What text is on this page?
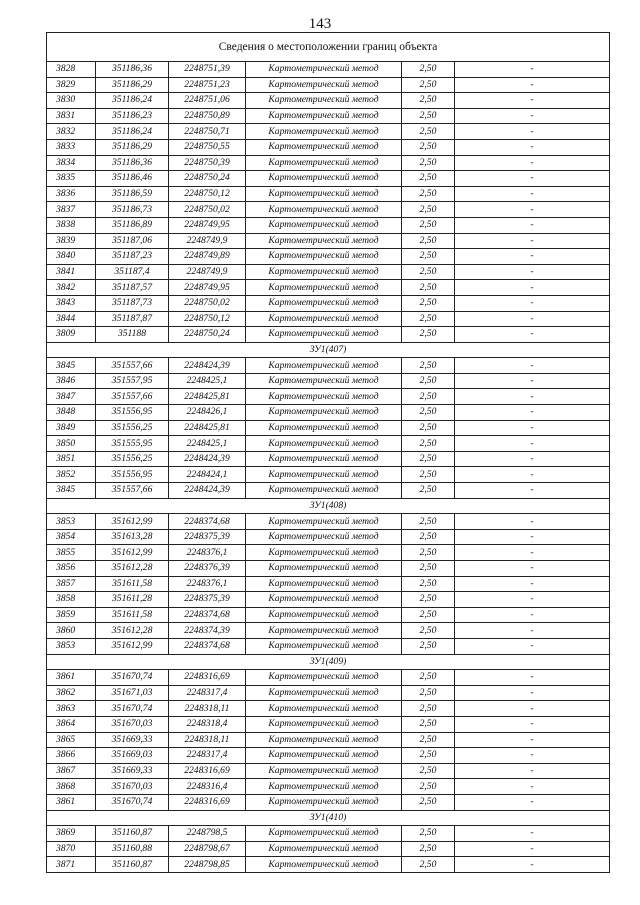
143
Сведения о местоположении границ объекта					
3828	351186,36	2248751,39	Картометрический метод	2,50	-
3829	351186,29	2248751,23	Картометрический метод	2,50	-
3830	351186,24	2248751,06	Картометрический метод	2,50	-
3831	351186,23	2248750,89	Картометрический метод	2,50	-
3832	351186,24	2248750,71	Картометрический метод	2,50	-
3833	351186,29	2248750,55	Картометрический метод	2,50	-
3834	351186,36	2248750,39	Картометрический метод	2,50	-
3835	351186,46	2248750,24	Картометрический метод	2,50	-
3836	351186,59	2248750,12	Картометрический метод	2,50	-
3837	351186,73	2248750,02	Картометрический метод	2,50	-
3838	351186,89	2248749,95	Картометрический метод	2,50	-
3839	351187,06	2248749,9	Картометрический метод	2,50	-
3840	351187,23	2248749,89	Картометрический метод	2,50	-
3841	351187,4	2248749,9	Картометрический метод	2,50	-
3842	351187,57	2248749,95	Картометрический метод	2,50	-
3843	351187,73	2248750,02	Картометрический метод	2,50	-
3844	351187,87	2248750,12	Картометрический метод	2,50	-
3809	351188	2248750,24	Картометрический метод	2,50	-
ЗУ1(407)					
3845	351557,66	2248424,39	Картометрический метод	2,50	-
3846	351557,95	2248425,1	Картометрический метод	2,50	-
3847	351557,66	2248425,81	Картометрический метод	2,50	-
3848	351556,95	2248426,1	Картометрический метод	2,50	-
3849	351556,25	2248425,81	Картометрический метод	2,50	-
3850	351555,95	2248425,1	Картометрический метод	2,50	-
3851	351556,25	2248424,39	Картометрический метод	2,50	-
3852	351556,95	2248424,1	Картометрический метод	2,50	-
3845	351557,66	2248424,39	Картометрический метод	2,50	-
ЗУ1(408)					
3853	351612,99	2248374,68	Картометрический метод	2,50	-
3854	351613,28	2248375,39	Картометрический метод	2,50	-
3855	351612,99	2248376,1	Картометрический метод	2,50	-
3856	351612,28	2248376,39	Картометрический метод	2,50	-
3857	351611,58	2248376,1	Картометрический метод	2,50	-
3858	351611,28	2248375,39	Картометрический метод	2,50	-
3859	351611,58	2248374,68	Картометрический метод	2,50	-
3860	351612,28	2248374,39	Картометрический метод	2,50	-
3853	351612,99	2248374,68	Картометрический метод	2,50	-
ЗУ1(409)					
3861	351670,74	2248316,69	Картометрический метод	2,50	-
3862	351671,03	2248317,4	Картометрический метод	2,50	-
3863	351670,74	2248318,11	Картометрический метод	2,50	-
3864	351670,03	2248318,4	Картометрический метод	2,50	-
3865	351669,33	2248318,11	Картометрический метод	2,50	-
3866	351669,03	2248317,4	Картометрический метод	2,50	-
3867	351669,33	2248316,69	Картометрический метод	2,50	-
3868	351670,03	2248316,4	Картометрический метод	2,50	-
3861	351670,74	2248316,69	Картометрический метод	2,50	-
ЗУ1(410)					
3869	351160,87	2248798,5	Картометрический метод	2,50	-
3870	351160,88	2248798,67	Картометрический метод	2,50	-
3871	351160,87	2248798,85	Картометрический метод	2,50	-
